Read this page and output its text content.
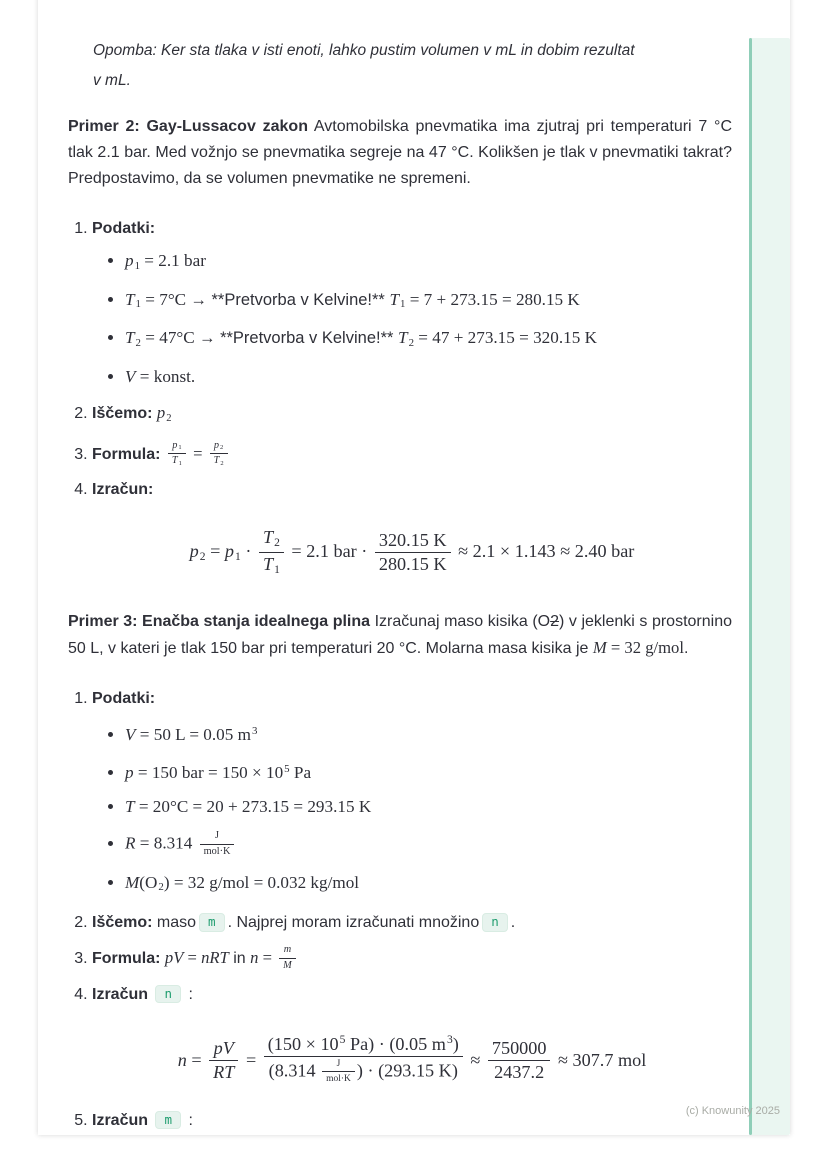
Opomba: Ker sta tlaka v isti enoti, lahko pustim volumen v mL in dobim rezultat v mL.

Primer 2: Gay-Lussacov zakon Avtomobilska pnevmatika ima zjutraj pri temperaturi 7 °C tlak 2.1 bar. Med vožnjo se pnevmatika segreje na 47 °C. Kolikšen je tlak v pnevmatiki takrat? Predpostavimo, da se volumen pnevmatike ne spremeni.

1. Podatki:
• p1 = 2.1 bar
• T1 = 7°C → **Pretvorba v Kelvine!** T1 = 7 + 273.15 = 280.15 K
• T2 = 47°C → **Pretvorba v Kelvine!** T2 = 47 + 273.15 = 320.15 K
• V = konst.
2. Iščemo: p2
3. Formula: $\frac{p1}{T1} = \frac{p2}{T2}$
4. Izračun:
$p2 = p1 \cdot \frac{T2}{T1} = 2.1$ bar · $\frac{320.15 K}{280.15 K} \approx 2.1 \times 1.143 \approx 2.40$ bar

Primer 3: Enačba stanja idealnega plina Izračunaj maso kisika (O2) v jeklenki s prostornino 50 L, v kateri je tlak 150 bar pri temperaturi 20 °C. Molarna masa kisika je M = 32 g/mol.

1. Podatki:
• V = 50 L = 0.05 $m^3$
• p = 150 bar = $150 \times 10^5$ Pa
• T = 20°C = 20 + 273.15 = 293.15 K
• $R = 8.314 \frac{J}{\text{mol·K}}$
• M(O2) = 32 g/mol = 0.032 kg/mol
2. Iščemo: maso m . Najprej moram izračunati množino n .
3. Formula: pV = nRT in $n = \frac{m}{M}$
4. Izračun n :
$n = \frac{pV}{RT} = \frac{(150 \times 10^5 Pa) \cdot (0.05 m^3)}{(8.314 \frac{J}{\text{mol·K}} ) \cdot (293.15 K)} \approx \frac{750000}{2437.2} \approx 307.7$ mol
5. Izračun m :
(c) Knowunity 2025
